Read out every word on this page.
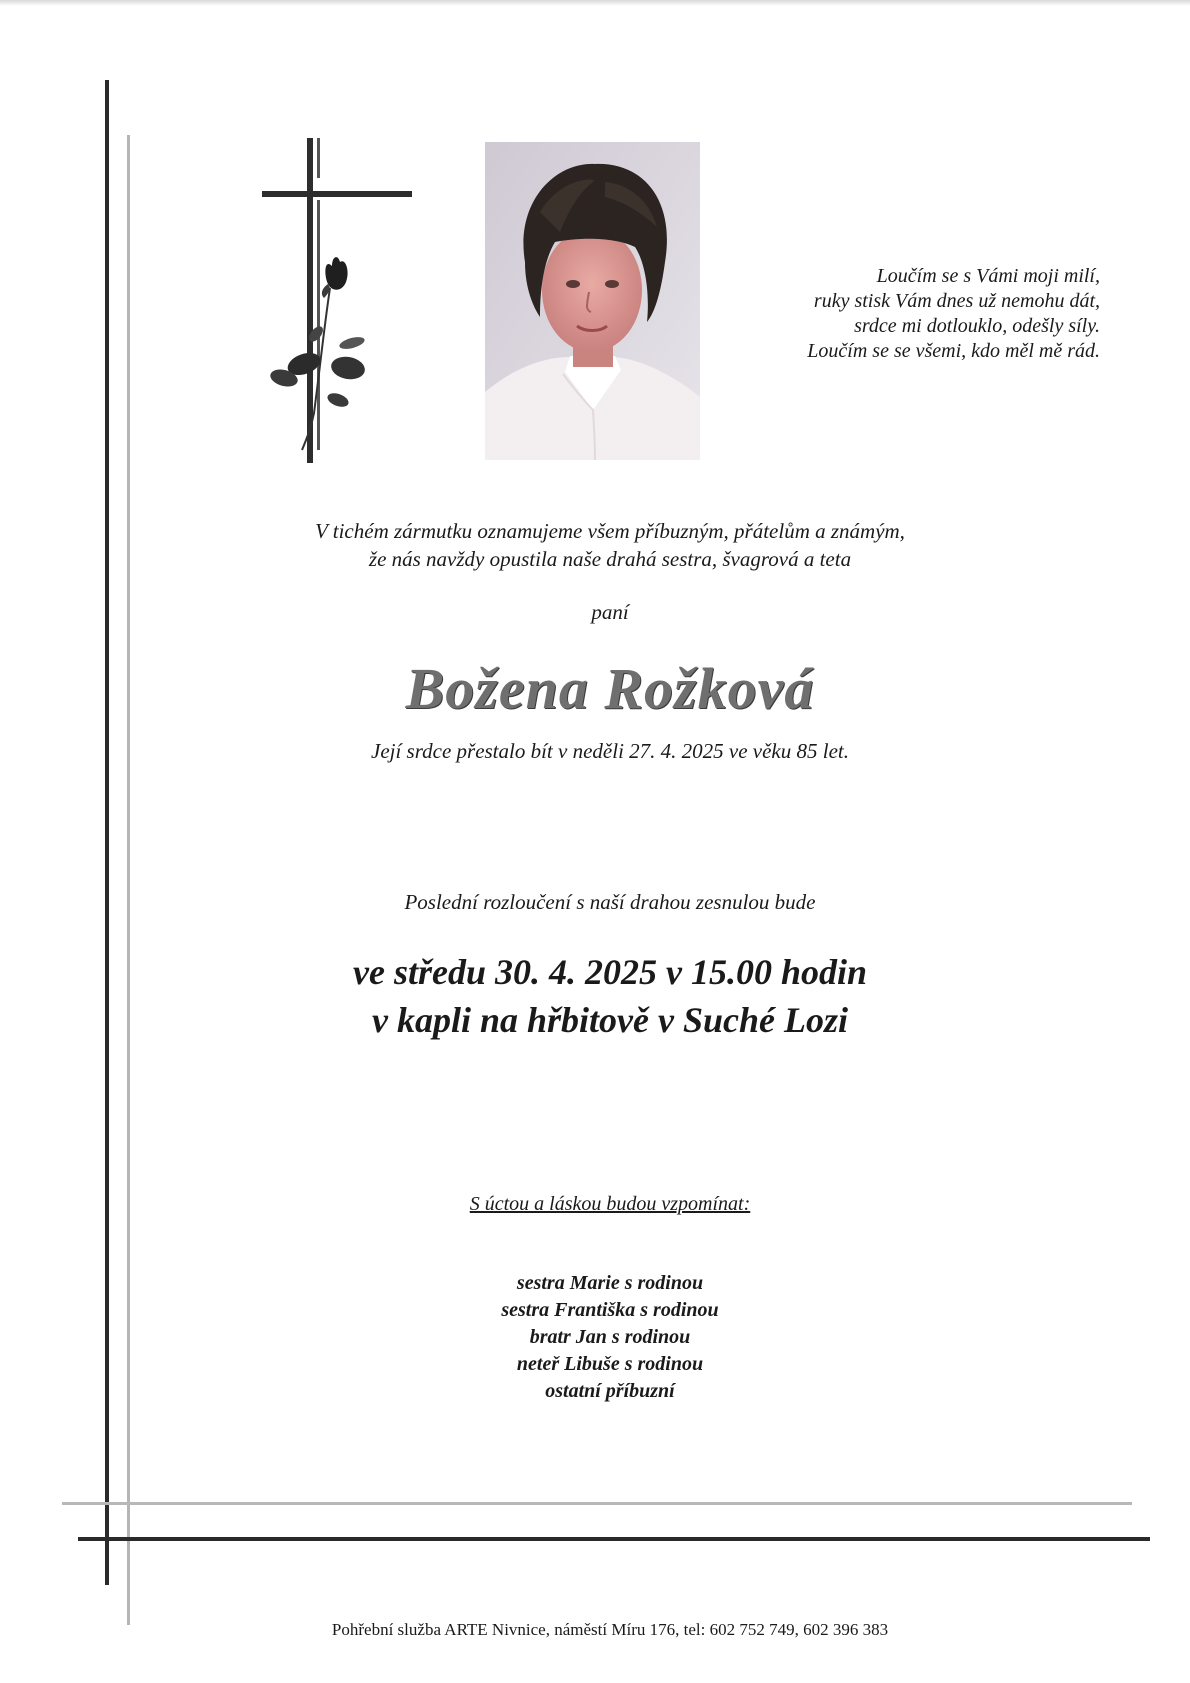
Loučím se s Vámi moji milí,
ruky stisk Vám dnes už nemohu dát,
srdce mi dotlouklo, odešly síly.
Loučím se se všemi, kdo měl mě rád.
V tichém zármutku oznamujeme všem příbuzným, přátelům a známým,
že nás navždy opustila naše drahá sestra, švagrová a teta
paní
Božena Rožková
Její srdce přestalo bít v neděli 27. 4. 2025 ve věku 85 let.
Poslední rozloučení s naší drahou zesnulou bude
ve středu 30. 4. 2025 v 15.00 hodin
v kapli na hřbitově v Suché Lozi
S úctou a láskou budou vzpomínat:
sestra Marie s rodinou
sestra Františka s rodinou
bratr Jan s rodinou
neteř Libuše s rodinou
ostatní příbuzní
Pohřební služba ARTE Nivnice, náměstí Míru 176, tel: 602 752 749, 602 396 383
